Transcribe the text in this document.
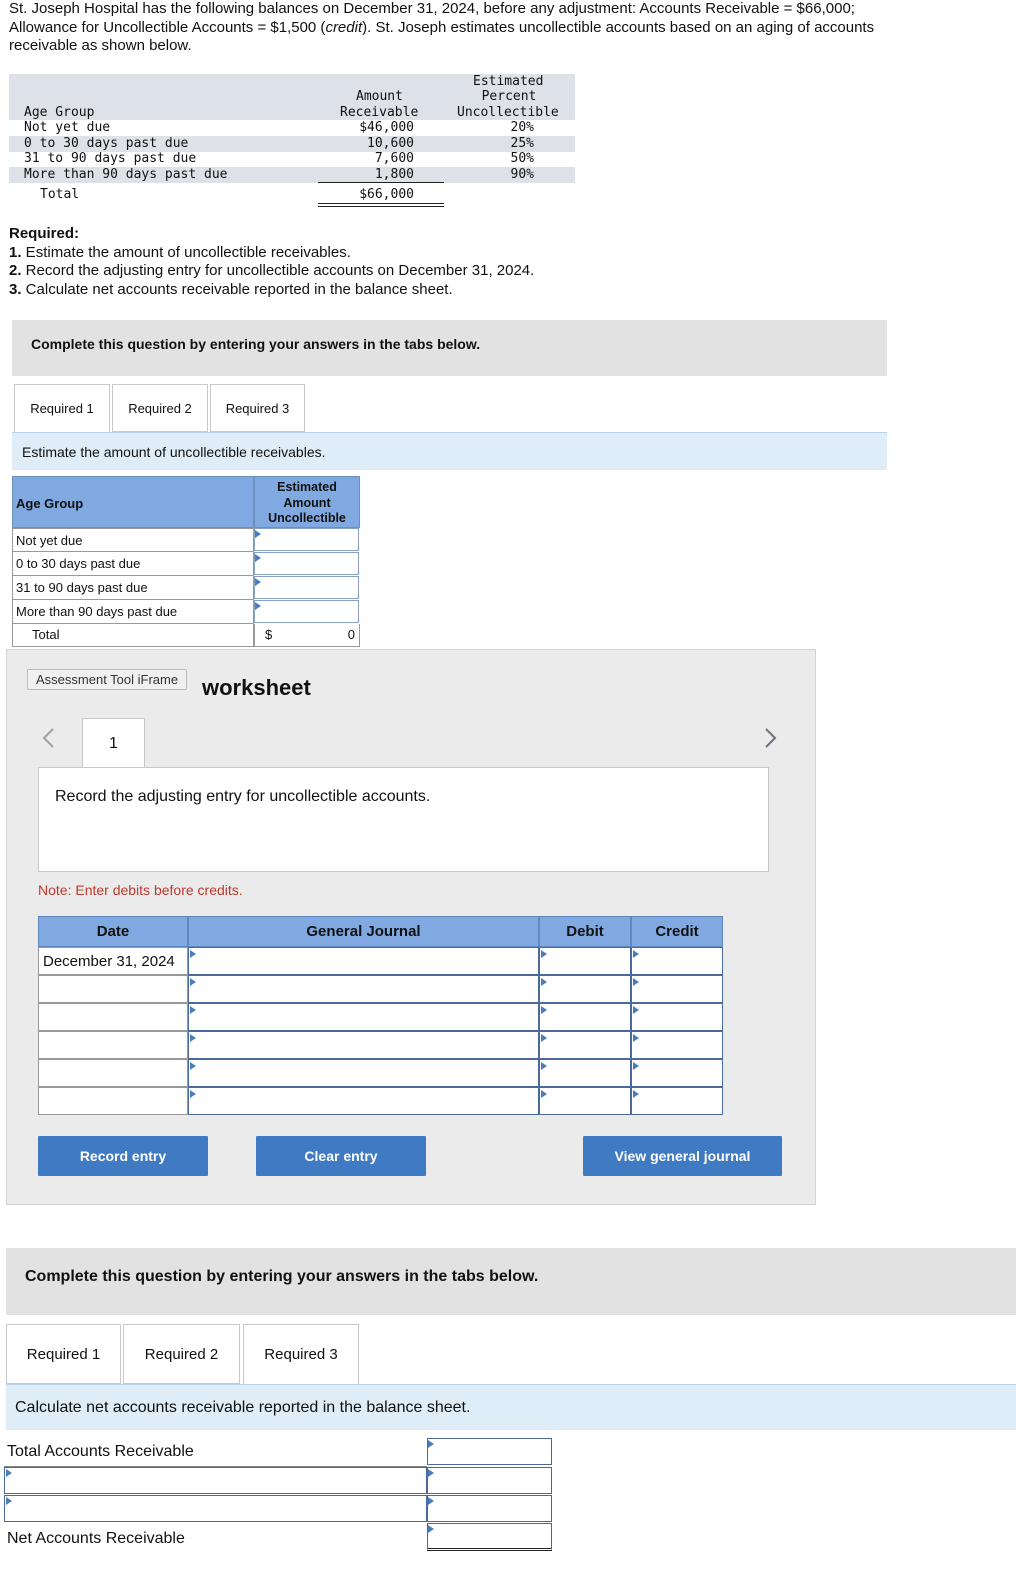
St. Joseph Hospital has the following balances on December 31, 2024, before any adjustment: Accounts Receivable = $66,000;
Allowance for Uncollectible Accounts = $1,500 (credit). St. Joseph estimates uncollectible accounts based on an aging of accounts
receivable as shown below.
Estimated
Percent
Uncollectible
Amount
Receivable
Age Group
Not yet due	$46,000	20%
0 to 30 days past due	10,600	25%
31 to 90 days past due	7,600	50%
More than 90 days past due	1,800	90%
Total	$66,000
Required:
1. Estimate the amount of uncollectible receivables.
2. Record the adjusting entry for uncollectible accounts on December 31, 2024.
3. Calculate net accounts receivable reported in the balance sheet.
Complete this question by entering your answers in the tabs below.
Required 1	Required 2	Required 3
Estimate the amount of uncollectible receivables.
Age Group
Estimated
Amount
Uncollectible
Not yet due
0 to 30 days past due
31 to 90 days past due
More than 90 days past due
Total	$	0
worksheet
Assessment Tool iFrame
1
Record the adjusting entry for uncollectible accounts.
Note: Enter debits before credits.
Date	General Journal	Debit	Credit
December 31, 2024
Record entry	Clear entry	View general journal
Complete this question by entering your answers in the tabs below.
Required 1	Required 2	Required 3
Calculate net accounts receivable reported in the balance sheet.
Total Accounts Receivable
Net Accounts Receivable
